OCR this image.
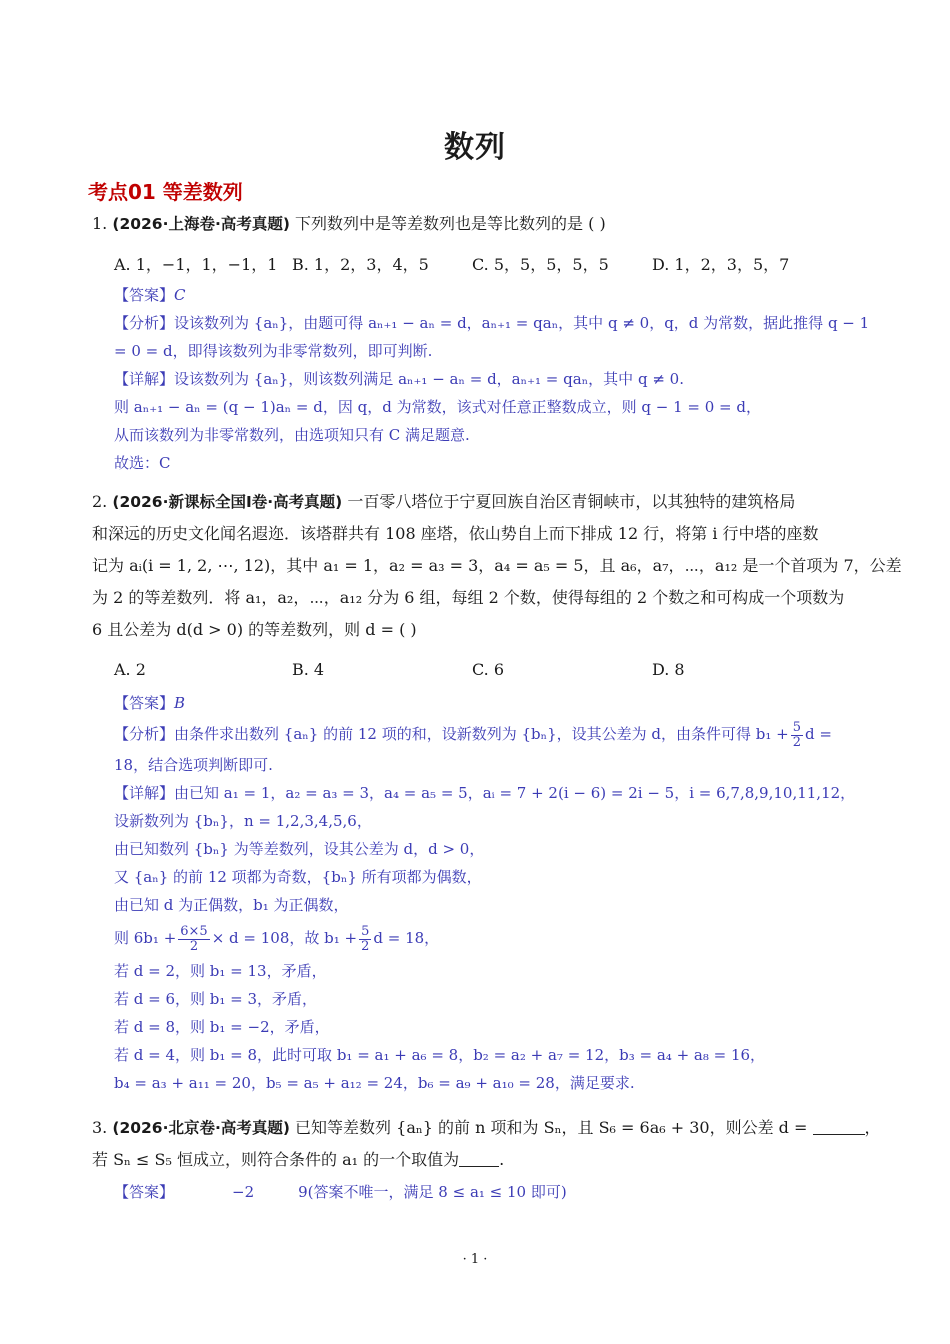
数列
考点01 等差数列
1. (2026·上海卷·高考真题) 下列数列中是等差数列也是等比数列的是 ( )
A. 1，−1，1，−1，1 B. 1，2，3，4，5	C. 5，5，5，5，5	D. 1，2，3，5，7
【答案】C
【分析】设该数列为 {aₙ}，由题可得 aₙ₊₁ − aₙ = d，aₙ₊₁ = qaₙ，其中 q ≠ 0，q，d 为常数，据此推得 q − 1
= 0 = d，即得该数列为非零常数列，即可判断.
【详解】设该数列为 {aₙ}，则该数列满足 aₙ₊₁ − aₙ = d，aₙ₊₁ = qaₙ，其中 q ≠ 0.
则 aₙ₊₁ − aₙ = (q − 1)aₙ = d，因 q，d 为常数，该式对任意正整数成立，则 q − 1 = 0 = d，
从而该数列为非零常数列，由选项知只有 C 满足题意.
故选：C
2. (2026·新课标全国Ⅰ卷·高考真题) 一百零八塔位于宁夏回族自治区青铜峡市，以其独特的建筑格局
和深远的历史文化闻名遐迩．该塔群共有 108 座塔，依山势自上而下排成 12 行，将第 i 行中塔的座数
记为 aᵢ(i = 1, 2, ⋯, 12)，其中 a₁ = 1，a₂ = a₃ = 3，a₄ = a₅ = 5，且 a₆，a₇，⋯，a₁₂ 是一个首项为 7，公差
为 2 的等差数列．将 a₁，a₂，⋯，a₁₂ 分为 6 组，每组 2 个数，使得每组的 2 个数之和可构成一个项数为
6 且公差为 d(d > 0) 的等差数列，则 d = ( )
A. 2	B. 4	C. 6	D. 8
【答案】B
【分析】由条件求出数列 {aₙ} 的前 12 项的和，设新数列为 {bₙ}，设其公差为 d，由条件可得 $b_1 + \frac{5}{2}$ d =
18，结合选项判断即可.
【详解】由已知 a₁ = 1，a₂ = a₃ = 3，a₄ = a₅ = 5，aᵢ = 7 + 2(i − 6) = 2i − 5，i = 6,7,8,9,10,11,12，
设新数列为 {bₙ}，n = 1,2,3,4,5,6，
由已知数列 {bₙ} 为等差数列，设其公差为 d，d > 0，
又 {aₙ} 的前 12 项都为奇数，{bₙ} 所有项都为偶数，
由已知 d 为正偶数，b₁ 为正偶数，
则 $6b_1 + \frac{6\times 5}{2} \times d = 108$，故 $b_1 + \frac{5}{2}$ d = 18，
若 d = 2，则 b₁ = 13，矛盾，
若 d = 6，则 b₁ = 3，矛盾，
若 d = 8，则 b₁ = −2，矛盾，
若 d = 4，则 b₁ = 8，此时可取 b₁ = a₁ + a₆ = 8，b₂ = a₂ + a₇ = 12，b₃ = a₄ + a₈ = 16，
b₄ = a₃ + a₁₁ = 20，b₅ = a₅ + a₁₂ = 24，b₆ = a₉ + a₁₀ = 28，满足要求.
3. (2026·北京卷·高考真题) 已知等差数列 {aₙ} 的前 n 项和为 Sₙ，且 S₆ = 6a₆ + 30，则公差 d =	，
若 Sₙ ≤ S₅ 恒成立，则符合条件的 a₁ 的一个取值为	.
【答案】	−2	9(答案不唯一，满足 8 ≤ a₁ ≤ 10 即可)
· 1 ·
